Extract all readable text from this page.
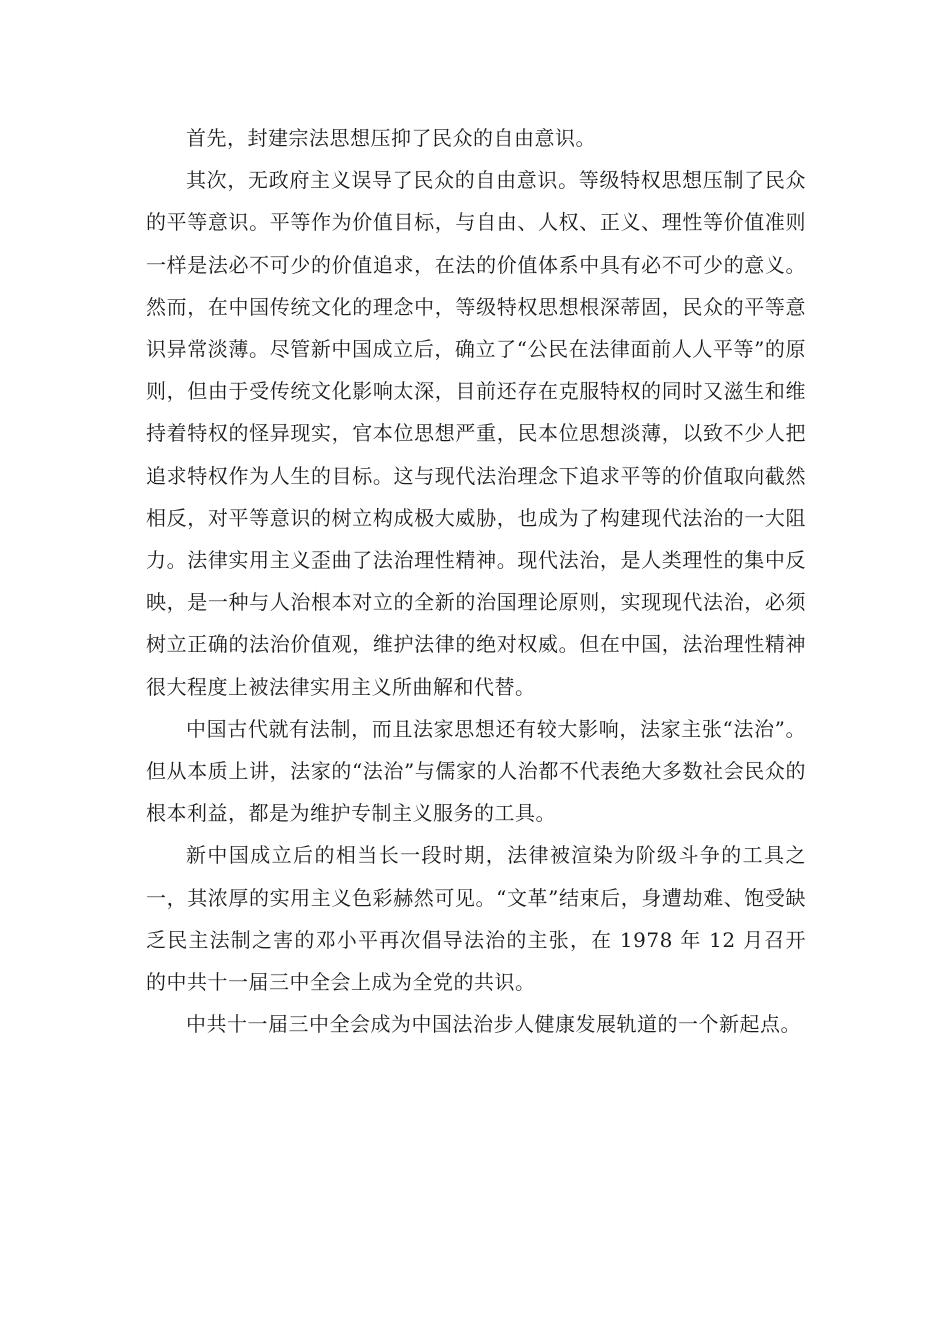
首先，封建宗法思想压抑了民众的自由意识。

其次，无政府主义误导了民众的自由意识。等级特权思想压制了民众的平等意识。平等作为价值目标，与自由、人权、正义、理性等价值准则一样是法必不可少的价值追求，在法的价值体系中具有必不可少的意义。然而，在中国传统文化的理念中，等级特权思想根深蒂固，民众的平等意识异常淡薄。尽管新中国成立后，确立了“公民在法律面前人人平等”的原则，但由于受传统文化影响太深，目前还存在克服特权的同时又滋生和维持着特权的怪异现实，官本位思想严重，民本位思想淡薄，以致不少人把追求特权作为人生的目标。这与现代法治理念下追求平等的价值取向截然相反，对平等意识的树立构成极大威胁，也成为了构建现代法治的一大阻力。法律实用主义歪曲了法治理性精神。现代法治，是人类理性的集中反映，是一种与人治根本对立的全新的治国理论原则，实现现代法治，必须树立正确的法治价值观，维护法律的绝对权威。但在中国，法治理性精神很大程度上被法律实用主义所曲解和代替。

中国古代就有法制，而且法家思想还有较大影响，法家主张“法治”。但从本质上讲，法家的“法治”与儒家的人治都不代表绝大多数社会民众的根本利益，都是为维护专制主义服务的工具。

新中国成立后的相当长一段时期，法律被渲染为阶级斗争的工具之一，其浓厚的实用主义色彩赫然可见。“文革”结束后，身遭劫难、饱受缺乏民主法制之害的邓小平再次倡导法治的主张，在 1978 年 12 月召开的中共十一届三中全会上成为全党的共识。

中共十一届三中全会成为中国法治步人健康发展轨道的一个新起点。
